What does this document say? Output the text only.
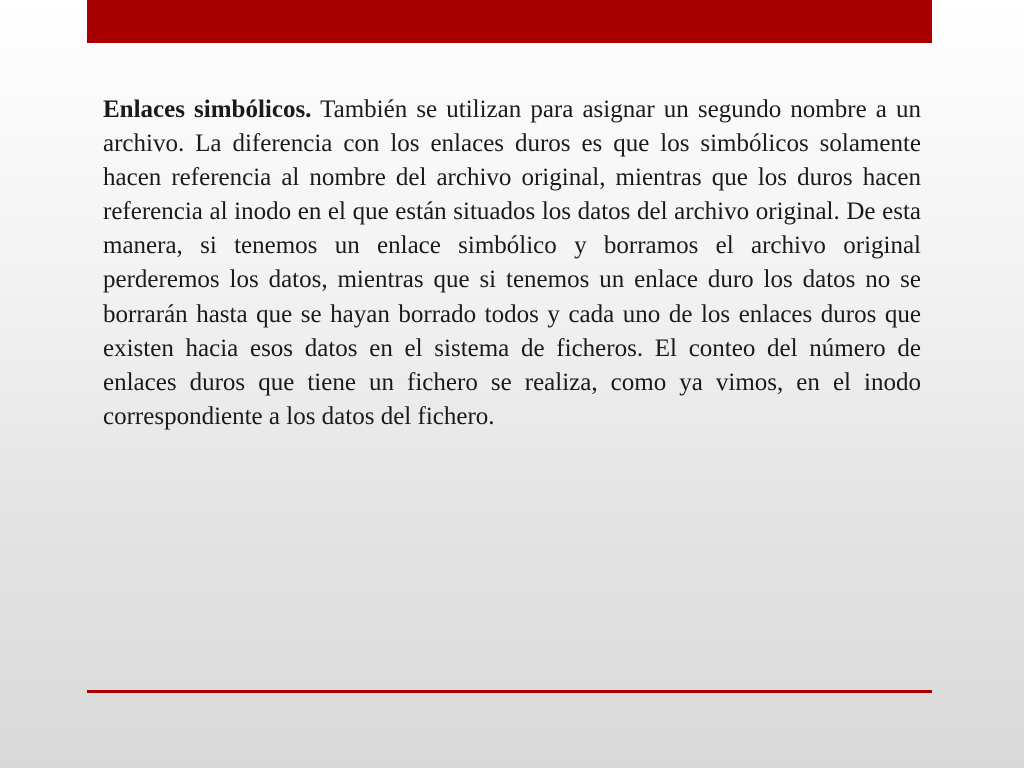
Enlaces simbólicos. También se utilizan para asignar un segundo nombre a un archivo. La diferencia con los enlaces duros es que los simbólicos solamente hacen referencia al nombre del archivo original, mientras que los duros hacen referencia al inodo en el que están situados los datos del archivo original. De esta manera, si tenemos un enlace simbólico y borramos el archivo original perderemos los datos, mientras que si tenemos un enlace duro los datos no se borrarán hasta que se hayan borrado todos y cada uno de los enlaces duros que existen hacia esos datos en el sistema de ficheros. El conteo del número de enlaces duros que tiene un fichero se realiza, como ya vimos, en el inodo correspondiente a los datos del fichero.
